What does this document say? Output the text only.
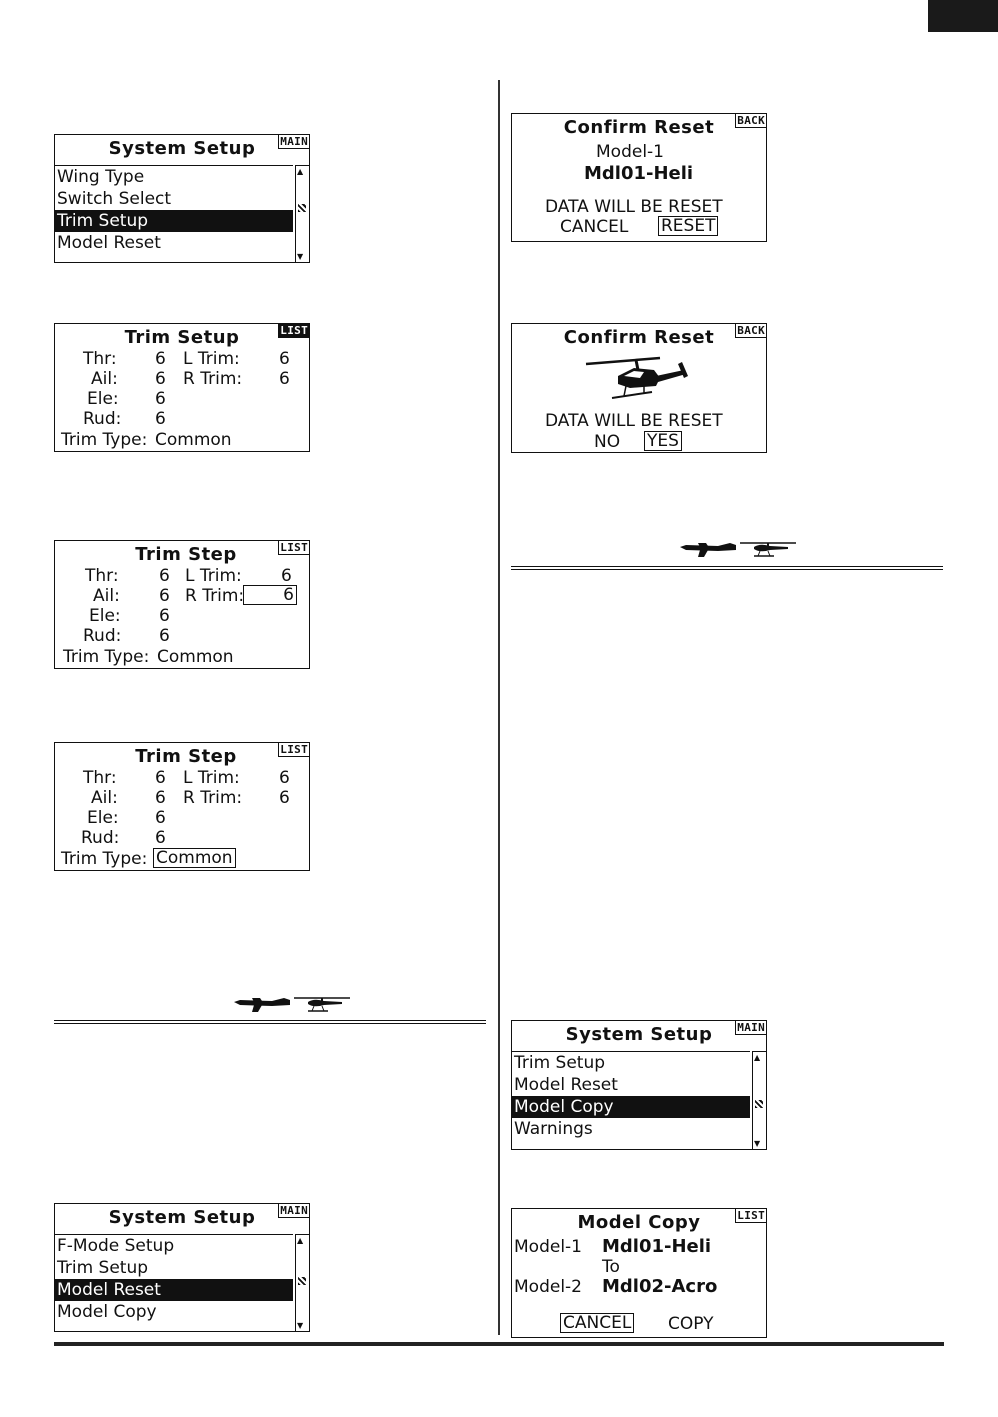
System Setup	MAIN
Wing Type
Switch Select
Trim Setup
Model Reset
▲
▼
Trim Setup	LIST
Thr: 6 L Trim: 6
Ail: 6 R Trim: 6
Ele: 6
Rud: 6
Trim Type: Common
Trim Step	LIST
Thr: 6 L Trim: 6
Ail: 6 R Trim:	6
Ele: 6
Rud: 6
Trim Type: Common
Trim Step	LIST
Thr: 6 L Trim: 6
Ail: 6 R Trim: 6
Ele: 6
Rud: 6
Trim Type: Common
System Setup	MAIN
F-Mode Setup
Trim Setup
Model Reset
Model Copy
▲
▼
Confirm Reset	BACK
Model-1
Mdl01-Heli
DATA WILL BE RESET
CANCEL RESET
Confirm Reset	BACK
DATA WILL BE RESET
NO YES
System Setup	MAIN
Trim Setup
Model Reset
Model Copy
Warnings
▲
▼
Model Copy	LIST
Model-1 Mdl01-Heli
To
Model-2 Mdl02-Acro
CANCEL COPY
